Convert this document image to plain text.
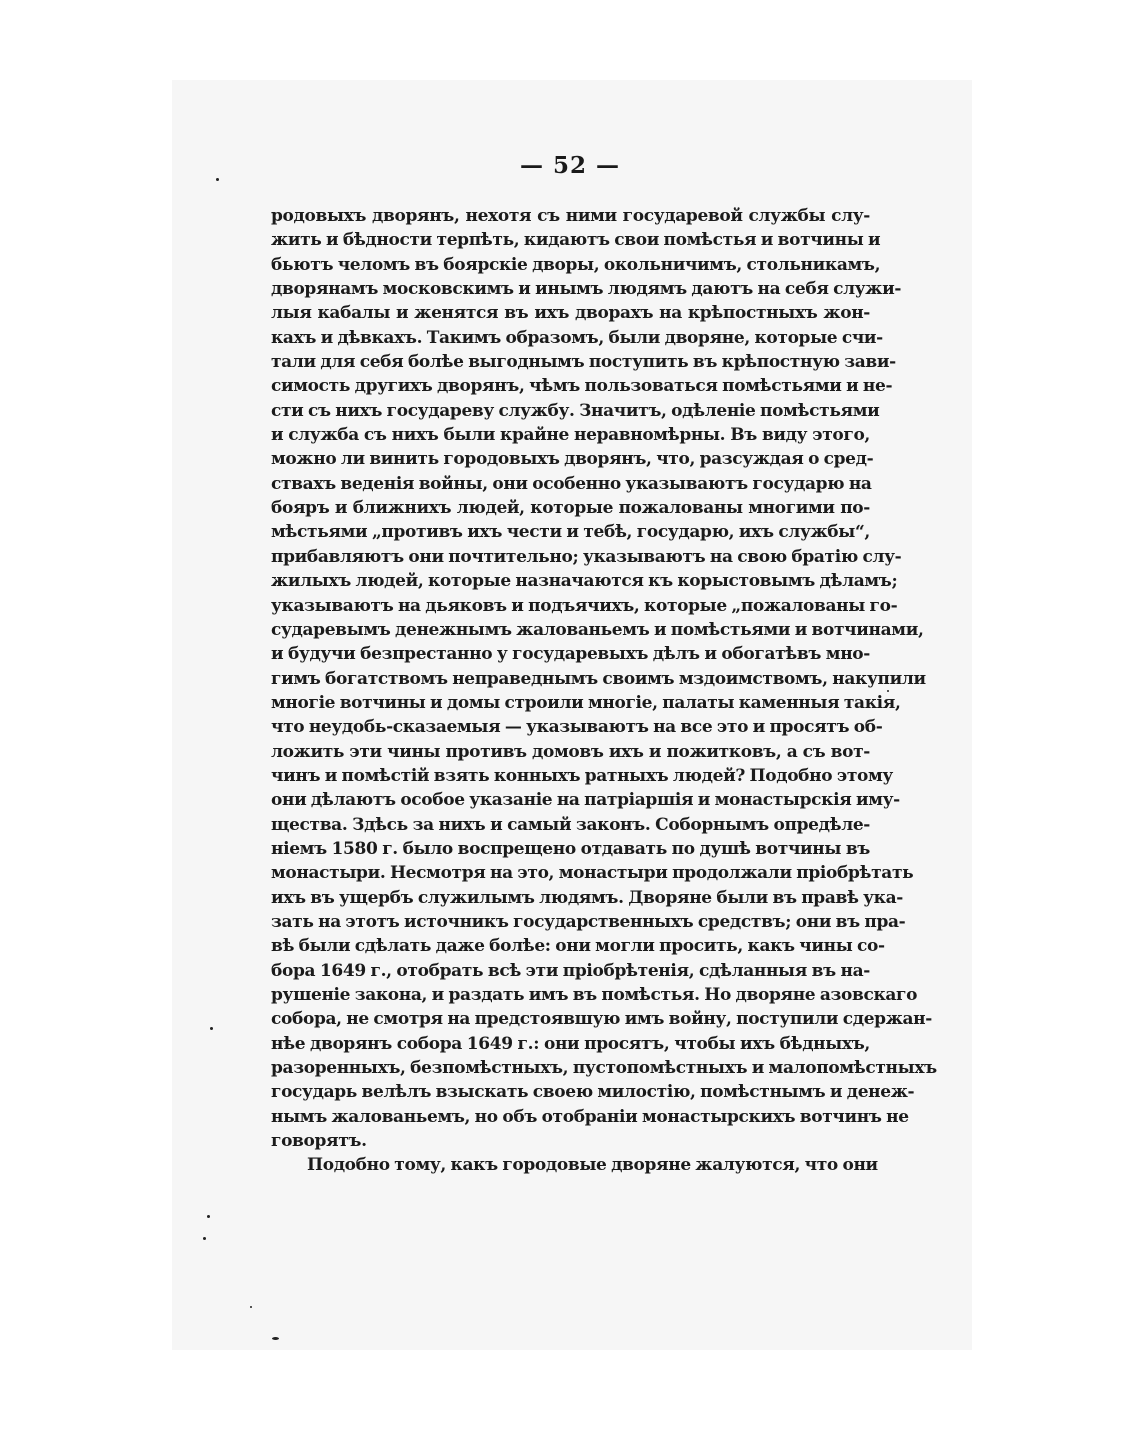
— 52 —
родовыхъ дворянъ, нехотя съ ними государевой службы слу-
жить и бѣдности терпѣть, кидаютъ свои помѣстья и вотчины и
бьютъ челомъ въ боярскіе дворы, окольничимъ, стольникамъ,
дворянамъ московскимъ и инымъ людямъ даютъ на себя служи-
лыя кабалы и женятся въ ихъ дворахъ на крѣпостныхъ жон-
кахъ и дѣвкахъ. Такимъ образомъ, были дворяне, которые счи-
тали для себя болѣе выгоднымъ поступить въ крѣпостную зави-
симость другихъ дворянъ, чѣмъ пользоваться помѣстьями и не-
сти съ нихъ государеву службу. Значитъ, одѣленіе помѣстьями
и служба съ нихъ были крайне неравномѣрны. Въ виду этого,
можно ли винить городовыхъ дворянъ, что, разсуждая о сред-
ствахъ веденія войны, они особенно указываютъ государю на
бояръ и ближнихъ людей, которые пожалованы многими по-
мѣстьями „противъ ихъ чести и тебѣ, государю, ихъ службы“,
прибавляютъ они почтительно; указываютъ на свою братію слу-
жилыхъ людей, которые назначаются къ корыстовымъ дѣламъ;
указываютъ на дьяковъ и подъячихъ, которые „пожалованы го-
сударевымъ денежнымъ жалованьемъ и помѣстьями и вотчинами,
и будучи безпрестанно у государевыхъ дѣлъ и обогатѣвъ мно-
гимъ богатствомъ неправеднымъ своимъ мздоимствомъ, накупили
многіе вотчины и домы строили многіе, палаты каменныя такія,
что неудобь-сказаемыя — указываютъ на все это и просятъ об-
ложить эти чины противъ домовъ ихъ и пожитковъ, а съ вот-
чинъ и помѣстій взять конныхъ ратныхъ людей? Подобно этому
они дѣлаютъ особое указаніе на патріаршія и монастырскія иму-
щества. Здѣсь за нихъ и самый законъ. Соборнымъ опредѣле-
ніемъ 1580 г. было воспрещено отдавать по душѣ вотчины въ
монастыри. Несмотря на это, монастыри продолжали пріобрѣтать
ихъ въ ущербъ служилымъ людямъ. Дворяне были въ правѣ ука-
зать на этотъ источникъ государственныхъ средствъ; они въ пра-
вѣ были сдѣлать даже болѣе: они могли просить, какъ чины со-
бора 1649 г., отобрать всѣ эти пріобрѣтенія, сдѣланныя въ на-
рушеніе закона, и раздать имъ въ помѣстья. Но дворяне азовскаго
собора, не смотря на предстоявшую имъ войну, поступили сдержан-
нѣе дворянъ собора 1649 г.: они просятъ, чтобы ихъ бѣдныхъ,
разоренныхъ, безпомѣстныхъ, пустопомѣстныхъ и малопомѣстныхъ
государь велѣлъ взыскать своею милостію, помѣстнымъ и денеж-
нымъ жалованьемъ, но объ отобраніи монастырскихъ вотчинъ не
говорятъ.
Подобно тому, какъ городовые дворяне жалуются, что они
